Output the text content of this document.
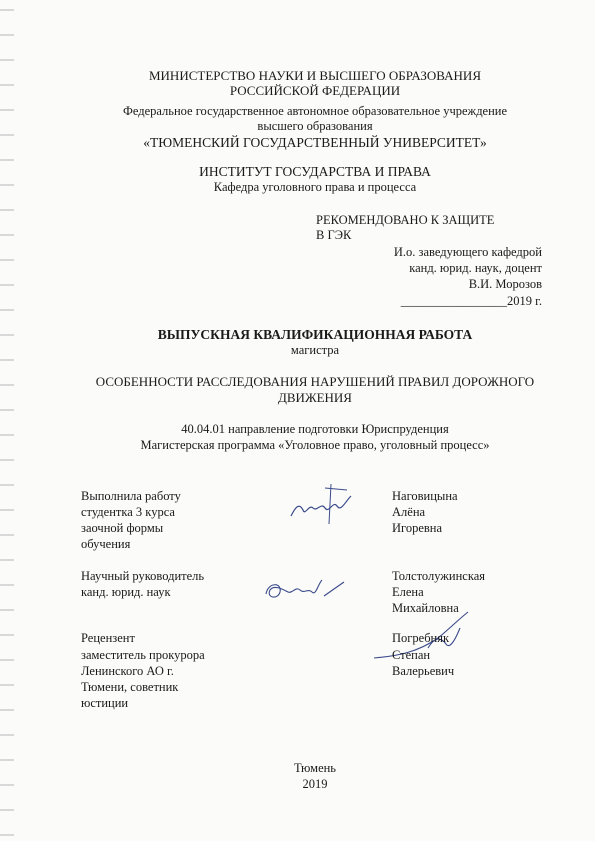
МИНИСТЕРСТВО НАУКИ И ВЫСШЕГО ОБРАЗОВАНИЯ
РОССИЙСКОЙ ФЕДЕРАЦИИ
Федеральное государственное автономное образовательное учреждение
высшего образования
«ТЮМЕНСКИЙ ГОСУДАРСТВЕННЫЙ УНИВЕРСИТЕТ»
ИНСТИТУТ ГОСУДАРСТВА И ПРАВА
Кафедра уголовного права и процесса
РЕКОМЕНДОВАНО К ЗАЩИТЕ
В ГЭК
И.о. заведующего кафедрой
канд. юрид. наук, доцент
В.И. Морозов
_________________2019 г.
ВЫПУСКНАЯ КВАЛИФИКАЦИОННАЯ РАБОТА
магистра
ОСОБЕННОСТИ РАССЛЕДОВАНИЯ НАРУШЕНИЙ ПРАВИЛ ДОРОЖНОГО
ДВИЖЕНИЯ
40.04.01 направление подготовки Юриспруденция
Магистерская программа «Уголовное право, уголовный процесс»
Выполнила работу
студентка 3 курса
заочной формы
обучения
Наговицына
Алёна
Игоревна
Научный руководитель
канд. юрид. наук
Толстолужинская
Елена
Михайловна
Рецензент
заместитель прокурора
Ленинского АО г.
Тюмени, советник
юстиции
Погребняк
Степан
Валерьевич
Тюмень
2019
